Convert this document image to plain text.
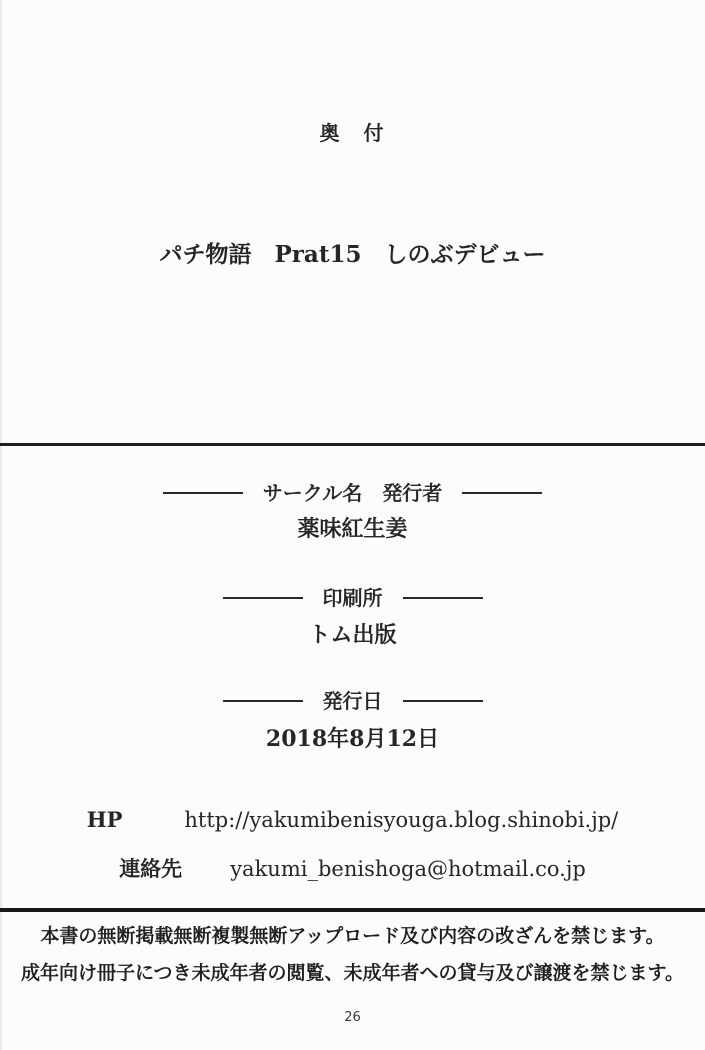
奥　付
パチ物語　Prat15　しのぶデビュー
サークル名　発行者
薬味紅生姜
印刷所
トム出版
発行日
2018年8月12日
HP	http://yakumibenisyouga.blog.shinobi.jp/
連絡先 yakumi_benishoga@hotmail.co.jp
本書の無断掲載無断複製無断アップロード及び内容の改ざんを禁じます。
成年向け冊子につき未成年者の閲覧、未成年者への貸与及び譲渡を禁じます。
26
